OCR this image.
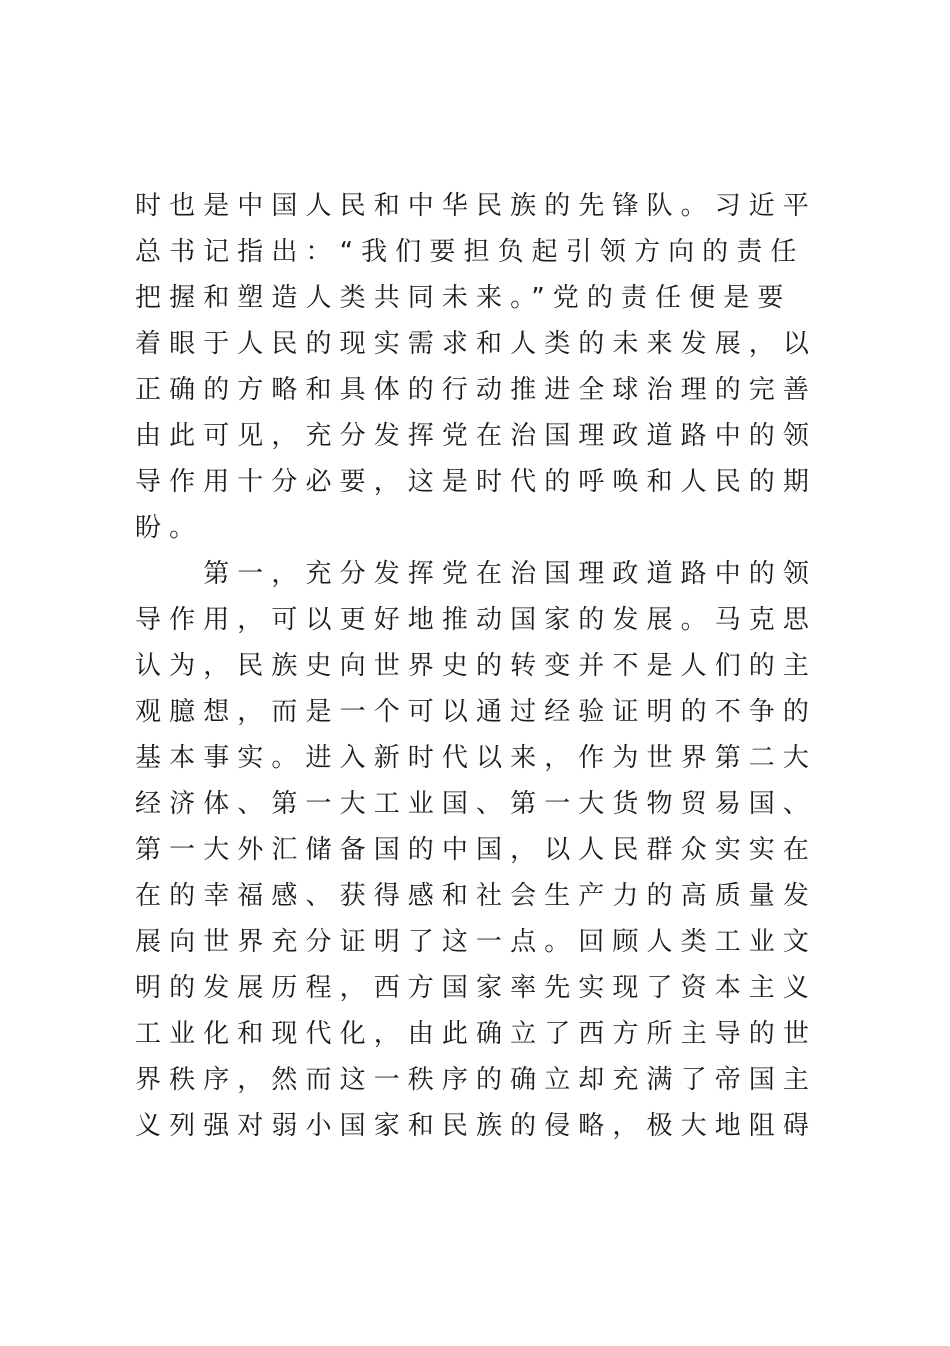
时也是中国人民和中华民族的先锋队。习近平
总书记指出：“我们要担负起引领方向的责任
把握和塑造人类共同未来。”党的责任便是要
着眼于人民的现实需求和人类的未来发展，以
正确的方略和具体的行动推进全球治理的完善
由此可见，充分发挥党在治国理政道路中的领
导作用十分必要，这是时代的呼唤和人民的期
盼。
　　第一，充分发挥党在治国理政道路中的领
导作用，可以更好地推动国家的发展。马克思
认为，民族史向世界史的转变并不是人们的主
观臆想，而是一个可以通过经验证明的不争的
基本事实。进入新时代以来，作为世界第二大
经济体、第一大工业国、第一大货物贸易国、
第一大外汇储备国的中国，以人民群众实实在
在的幸福感、获得感和社会生产力的高质量发
展向世界充分证明了这一点。回顾人类工业文
明的发展历程，西方国家率先实现了资本主义
工业化和现代化，由此确立了西方所主导的世
界秩序，然而这一秩序的确立却充满了帝国主
义列强对弱小国家和民族的侵略，极大地阻碍
